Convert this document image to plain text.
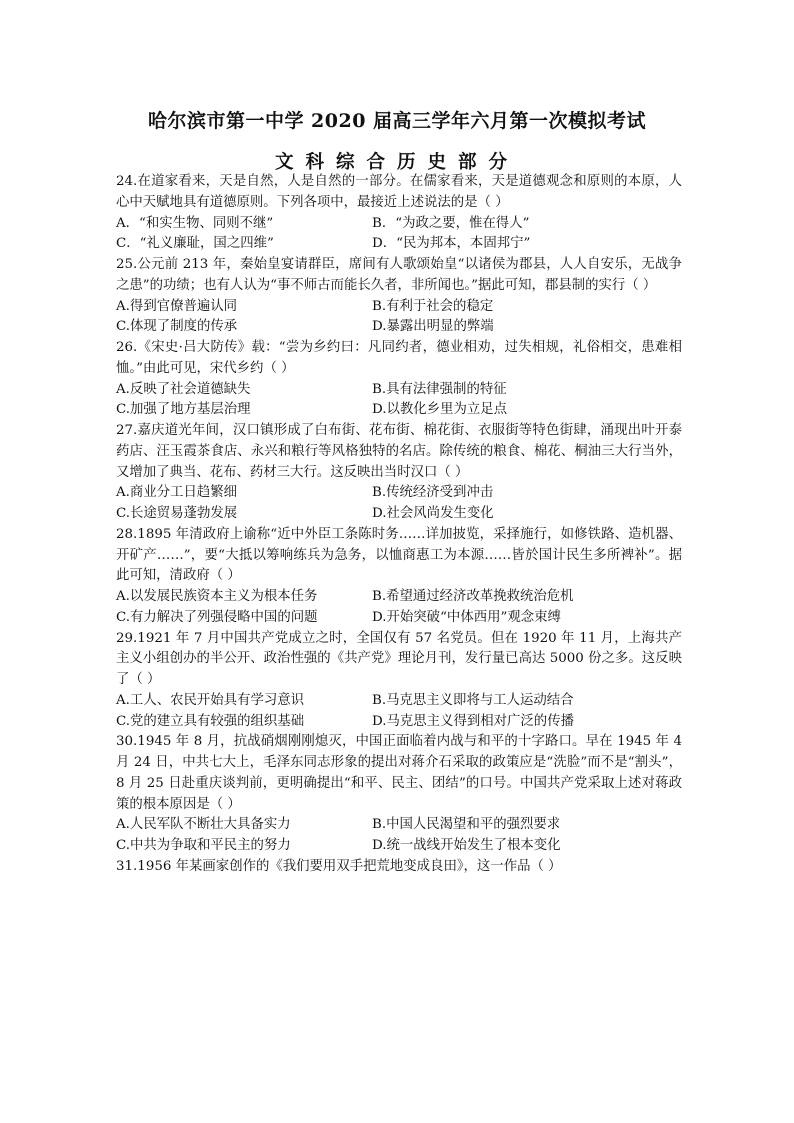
哈尔滨市第一中学 2020 届高三学年六月第一次模拟考试
文科综合历史部分

24.在道家看来，天是自然，人是自然的一部分。在儒家看来，天是道德观念和原则的本原，人心中天赋地具有道德原则。下列各项中，最接近上述说法的是（ ）

A．“和实生物、同则不继”	B．“为政之要，惟在得人”
C．“礼义廉耻，国之四维”	D．“民为邦本，本固邦宁”

25.公元前 213 年，秦始皇宴请群臣，席间有人歌颂始皇“以诸侯为郡县，人人自安乐，无战争之患”的功绩；也有人认为“事不师古而能长久者，非所闻也。”据此可知，郡县制的实行（ ）

A.得到官僚普遍认同	B.有利于社会的稳定
C.体现了制度的传承	D.暴露出明显的弊端

26.《宋史·吕大防传》载：“尝为乡约曰：凡同约者，德业相劝，过失相规，礼俗相交，患难相恤。”由此可见，宋代乡约（ ）

A.反映了社会道德缺失	B.具有法律强制的特征
C.加强了地方基层治理	D.以教化乡里为立足点

27.嘉庆道光年间，汉口镇形成了白布街、花布街、棉花街、衣服街等特色街肆，涌现出叶开泰药店、汪玉霞茶食店、永兴和粮行等风格独特的名店。除传统的粮食、棉花、桐油三大行当外，又增加了典当、花布、药材三大行。这反映出当时汉口（ ）

A.商业分工日趋繁细	B.传统经济受到冲击
C.长途贸易蓬勃发展	D.社会风尚发生变化

28.1895 年清政府上谕称“近中外臣工条陈时务……详加披览，采择施行，如修铁路、造机器、开矿产……”，要“大抵以筹响练兵为急务，以恤商惠工为本源……皆於国计民生多所裨补”。据此可知，清政府（ ）

A.以发展民族资本主义为根本任务	B.希望通过经济改革挽救统治危机
C.有力解决了列强侵略中国的问题	D.开始突破“中体西用”观念束缚

29.1921 年 7 月中国共产党成立之时，全国仅有 57 名党员。但在 1920 年 11 月，上海共产主义小组创办的半公开、政治性强的《共产党》理论月刊，发行量已高达 5000 份之多。这反映了（ ）

A.工人、农民开始具有学习意识	B.马克思主义即将与工人运动结合
C.党的建立具有较强的组织基础	D.马克思主义得到相对广泛的传播

30.1945 年 8 月，抗战硝烟刚刚熄灭，中国正面临着内战与和平的十字路口。早在 1945 年 4 月 24 日，中共七大上，毛泽东同志形象的提出对蒋介石采取的政策应是“洗脸”而不是“割头”，8 月 25 日赴重庆谈判前，更明确提出“和平、民主、团结”的口号。中国共产党采取上述对蒋政策的根本原因是（ ）

A.人民军队不断壮大具备实力	B.中国人民渴望和平的强烈要求
C.中共为争取和平民主的努力	D.统一战线开始发生了根本变化

31.1956 年某画家创作的《我们要用双手把荒地变成良田》，这一作品（ ）
